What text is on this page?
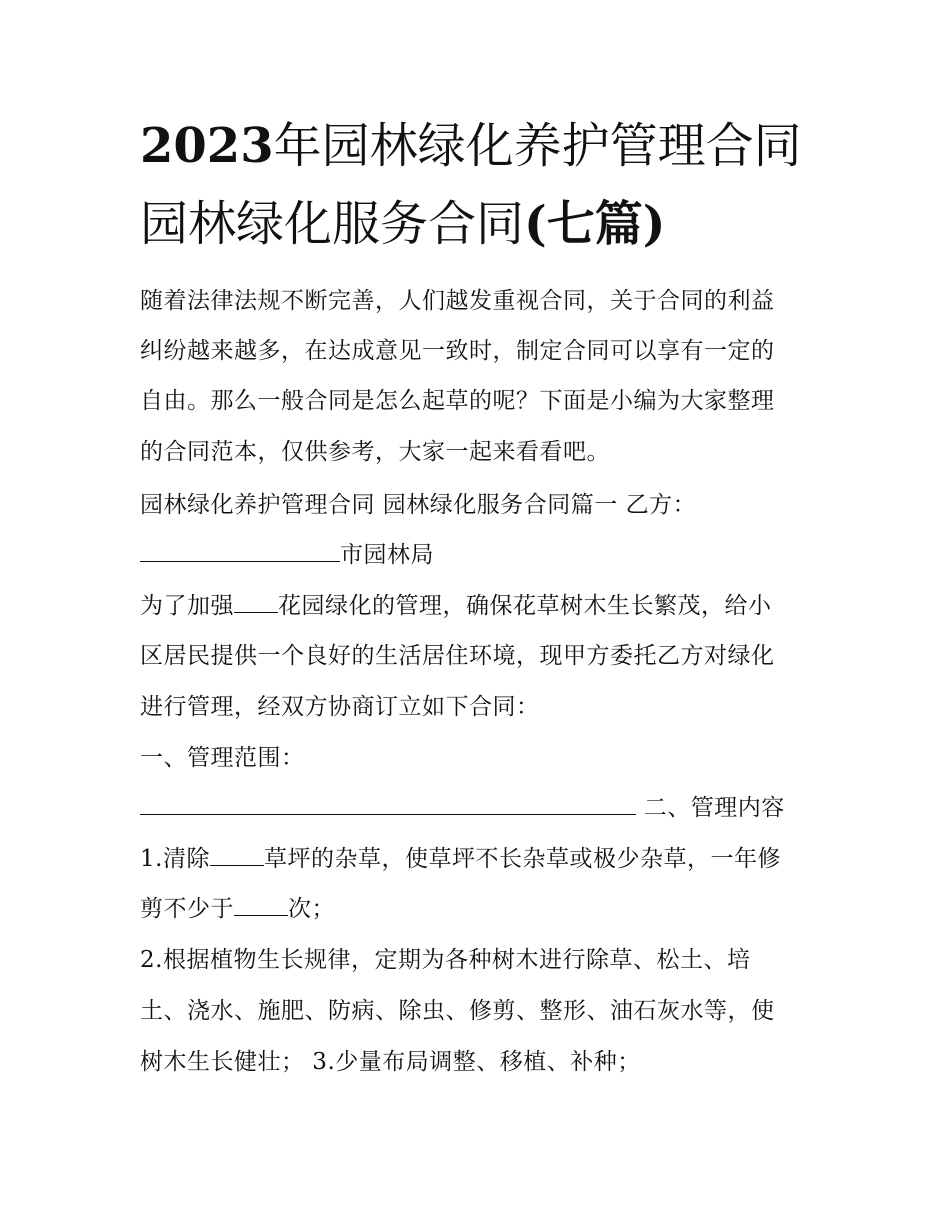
2023年园林绿化养护管理合同
园林绿化服务合同(七篇)
随着法律法规不断完善，人们越发重视合同，关于合同的利益
纠纷越来越多，在达成意见一致时，制定合同可以享有一定的
自由。那么一般合同是怎么起草的呢？下面是小编为大家整理
的合同范本，仅供参考，大家一起来看看吧。
园林绿化养护管理合同 园林绿化服务合同篇一 乙方：
市园林局
为了加强 花园绿化的管理，确保花草树木生长繁茂，给小
区居民提供一个良好的生活居住环境，现甲方委托乙方对绿化
进行管理，经双方协商订立如下合同：
一、管理范围：
二、管理内容
1.清除 草坪的杂草，使草坪不长杂草或极少杂草，一年修
剪不少于 次；
2.根据植物生长规律，定期为各种树木进行除草、松土、培
土、浇水、施肥、防病、除虫、修剪、整形、油石灰水等，使
树木生长健壮； 3.少量布局调整、移植、补种；
